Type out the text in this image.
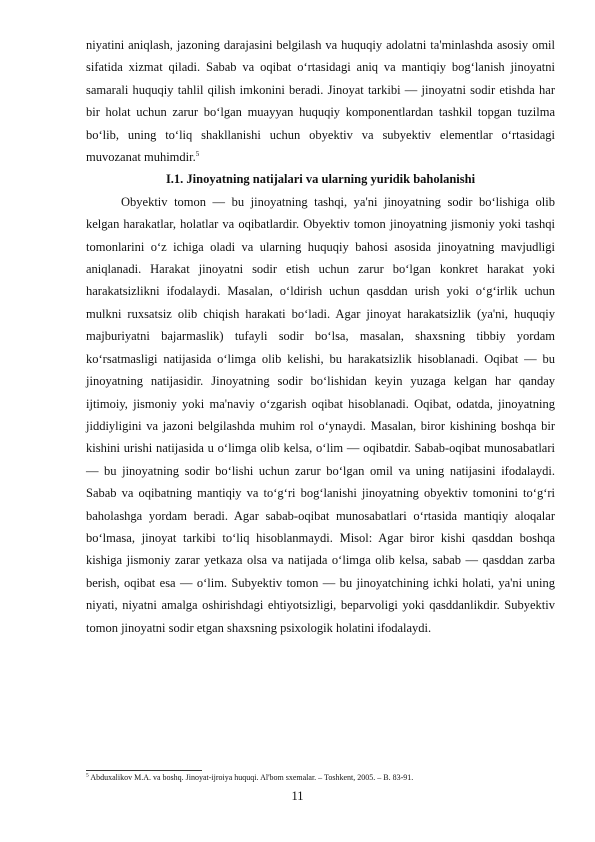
niyatini aniqlash, jazoning darajasini belgilash va huquqiy adolatni ta'minlashda asosiy omil sifatida xizmat qiladi. Sabab va oqibat o‘rtasidagi aniq va mantiqiy bog‘lanish jinoyatni samarali huquqiy tahlil qilish imkonini beradi. Jinoyat tarkibi — jinoyatni sodir etishda har bir holat uchun zarur bo‘lgan muayyan huquqiy komponentlardan tashkil topgan tuzilma bo‘lib, uning to‘liq shakllanishi uchun obyektiv va subyektiv elementlar o‘rtasidagi muvozanat muhimdir.$^5$

I.1. Jinoyatning natijalari va ularning yuridik baholanishi

Obyektiv tomon — bu jinoyatning tashqi, ya'ni jinoyatning sodir bo‘lishiga olib kelgan harakatlar, holatlar va oqibatlardir. Obyektiv tomon jinoyatning jismoniy yoki tashqi tomonlarini o‘z ichiga oladi va ularning huquqiy bahosi asosida jinoyatning mavjudligi aniqlanadi. Harakat jinoyatni sodir etish uchun zarur bo‘lgan konkret harakat yoki harakatsizlikni ifodalaydi. Masalan, o‘ldirish uchun qasddan urish yoki o‘g‘irlik uchun mulkni ruxsatsiz olib chiqish harakati bo‘ladi. Agar jinoyat harakatsizlik (ya'ni, huquqiy majburiyatni bajarmaslik) tufayli sodir bo‘lsa, masalan, shaxsning tibbiy yordam ko‘rsatmasligi natijasida o‘limga olib kelishi, bu harakatsizlik hisoblanadi. Oqibat — bu jinoyatning natijasidir. Jinoyatning sodir bo‘lishidan keyin yuzaga kelgan har qanday ijtimoiy, jismoniy yoki ma'naviy o‘zgarish oqibat hisoblanadi. Oqibat, odatda, jinoyatning jiddiyligini va jazoni belgilashda muhim rol o‘ynaydi. Masalan, biror kishining boshqa bir kishini urishi natijasida u o‘limga olib kelsa, o‘lim — oqibatdir. Sabab-oqibat munosabatlari — bu jinoyatning sodir bo‘lishi uchun zarur bo‘lgan omil va uning natijasini ifodalaydi. Sabab va oqibatning mantiqiy va to‘g‘ri bog‘lanishi jinoyatning obyektiv tomonini to‘g‘ri baholashga yordam beradi. Agar sabab-oqibat munosabatlari o‘rtasida mantiqiy aloqalar bo‘lmasa, jinoyat tarkibi to‘liq hisoblanmaydi. Misol: Agar biror kishi qasddan boshqa kishiga jismoniy zarar yetkaza olsa va natijada o‘limga olib kelsa, sabab — qasddan zarba berish, oqibat esa — o‘lim. Subyektiv tomon — bu jinoyatchining ichki holati, ya'ni uning niyati, niyatni amalga oshirishdagi ehtiyotsizligi, beparvoligi yoki qasddanlikdir. Subyektiv tomon jinoyatni sodir etgan shaxsning psixologik holatini ifodalaydi.

$^5$ Abduxalikov M.A. va boshq. Jinoyat-ijroiya huquqi. Al'bom sxemalar. – Toshkent, 2005. – B. 83-91.

11
